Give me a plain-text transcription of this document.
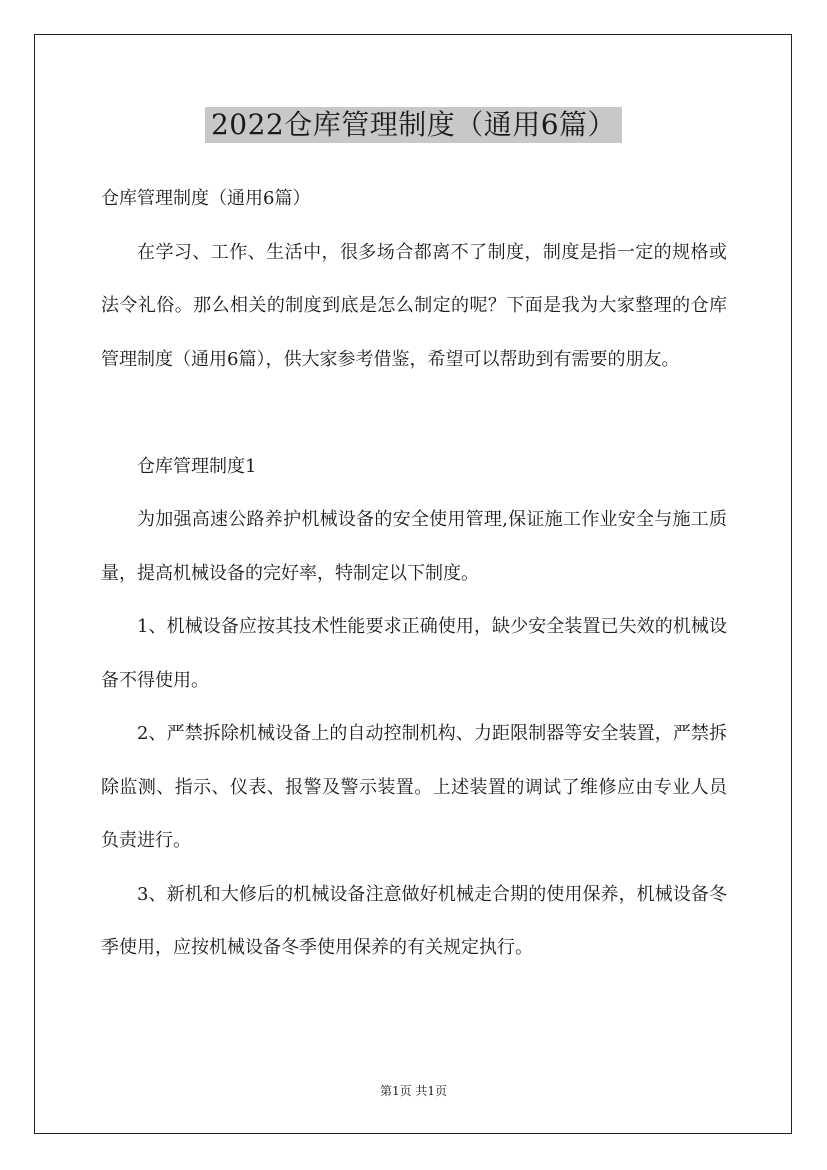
2022仓库管理制度（通用6篇）

仓库管理制度（通用6篇）

在学习、工作、生活中，很多场合都离不了制度，制度是指一定的规格或法令礼俗。那么相关的制度到底是怎么制定的呢？下面是我为大家整理的仓库管理制度（通用6篇），供大家参考借鉴，希望可以帮助到有需要的朋友。

仓库管理制度1

为加强高速公路养护机械设备的安全使用管理,保证施工作业安全与施工质量，提高机械设备的完好率，特制定以下制度。

1、机械设备应按其技术性能要求正确使用，缺少安全装置已失效的机械设备不得使用。

2、严禁拆除机械设备上的自动控制机构、力距限制器等安全装置，严禁拆除监测、指示、仪表、报警及警示装置。上述装置的调试了维修应由专业人员负责进行。

3、新机和大修后的机械设备注意做好机械走合期的使用保养，机械设备冬季使用，应按机械设备冬季使用保养的有关规定执行。

第1页 共1页
